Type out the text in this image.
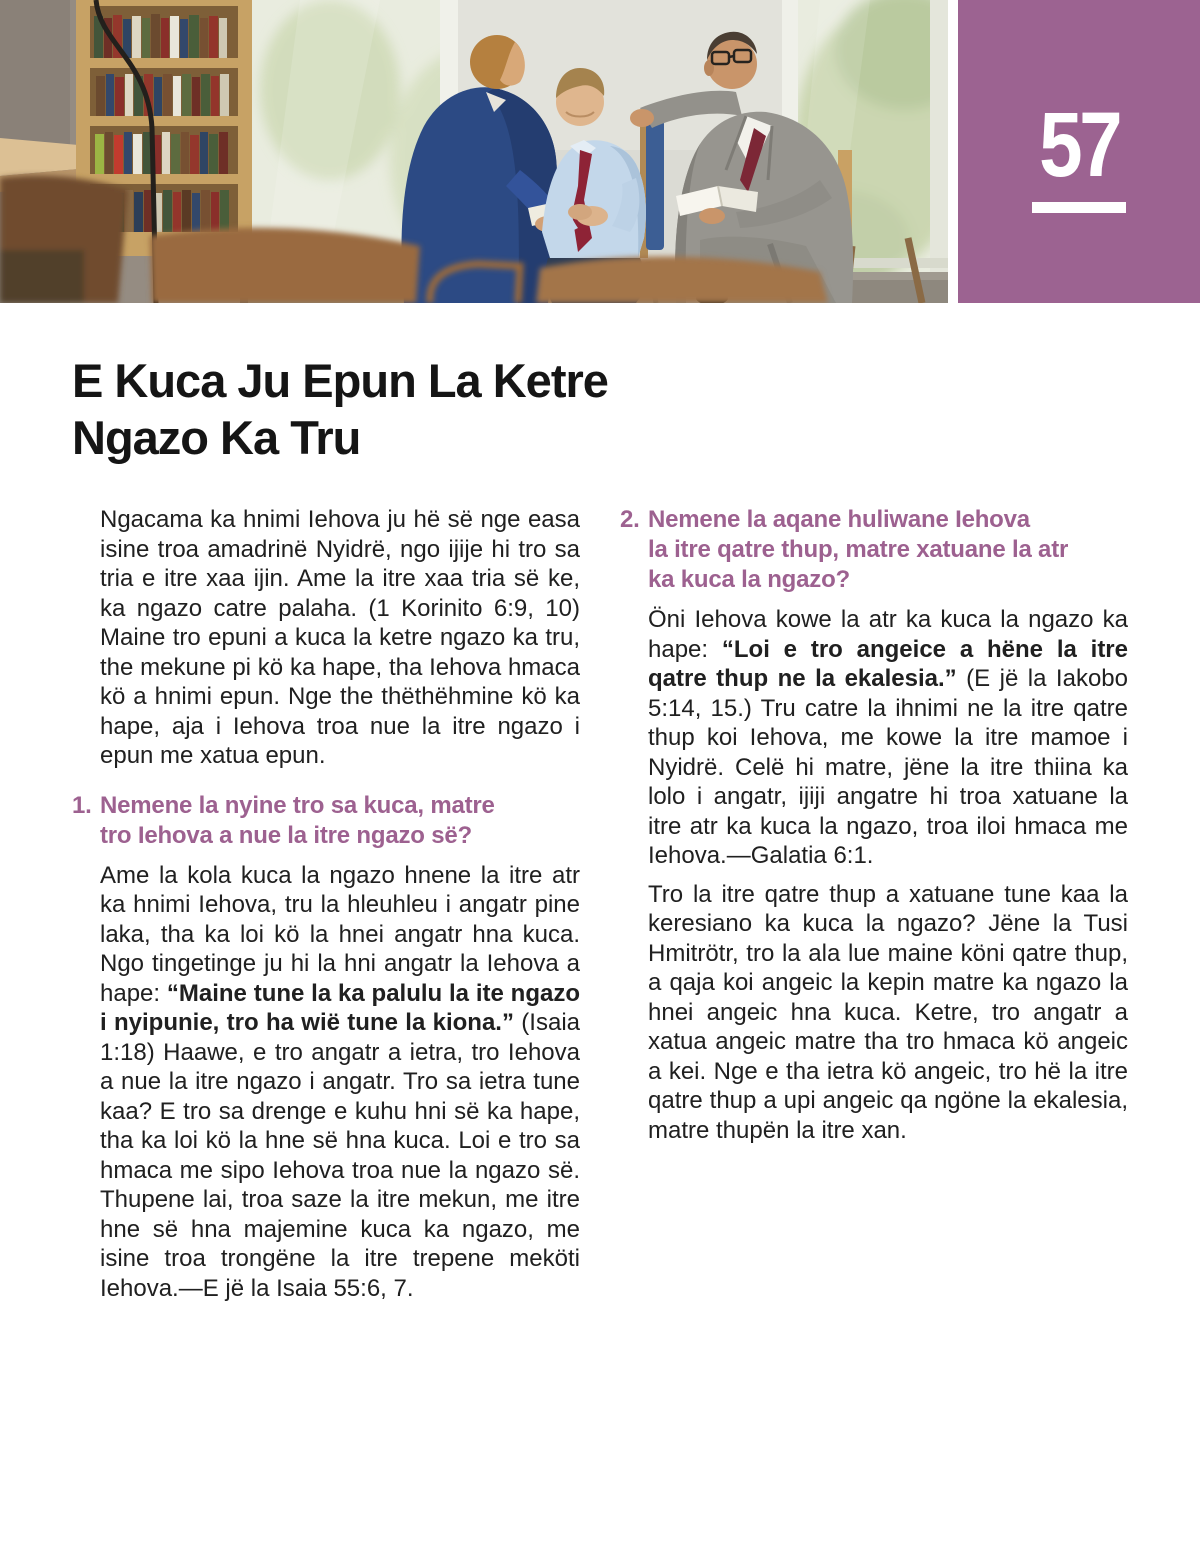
57
E Kuca Ju Epun La Ketre
Ngazo Ka Tru

Ngacama ka hnimi Iehova ju hë së nge easa isine troa amadrinë Nyidrë, ngo ijije hi tro sa tria e itre xaa ijin. Ame la itre xaa tria së ke, ka ngazo catre palaha. (1 Korinito 6:9, 10) Maine tro epuni a kuca la ketre ngazo ka tru, the mekune pi kö ka hape, tha Iehova hmaca kö a hnimi epun. Nge the thëthëhmine kö ka hape, aja i Iehova troa nue la itre ngazo i epun me xatua epun.

1. Nemene la nyine tro sa kuca, matre
tro Iehova a nue la itre ngazo së?

Ame la kola kuca la ngazo hnene la itre atr ka hnimi Iehova, tru la hleuhleu i angatr pine laka, tha ka loi kö la hnei angatr hna kuca. Ngo tingetinge ju hi la hni angatr la Iehova a hape: “Maine tune la ka palulu la ite ngazo i nyipunie, tro ha wië tune la kiona.” (Isaia 1:18) Haawe, e tro angatr a ietra, tro Iehova a nue la itre ngazo i angatr. Tro sa ietra tune kaa? E tro sa drenge e kuhu hni së ka hape, tha ka loi kö la hne së hna kuca. Loi e tro sa hmaca me sipo Iehova troa nue la ngazo së. Thupene lai, troa saze la itre mekun, me itre hne së hna majemine kuca ka ngazo, me isine troa trongëne la itre trepene meköti Iehova.—E jë la Isaia 55:6, 7.

2. Nemene la aqane huliwane Iehova
la itre qatre thup, matre xatuane la atr
ka kuca la ngazo?

Öni Iehova kowe la atr ka kuca la ngazo ka hape: “Loi e tro angeice a hëne la itre qatre thup ne la ekalesia.” (E jë la Iakobo 5:14, 15.) Tru catre la ihnimi ne la itre qatre thup koi Iehova, me kowe la itre mamoe i Nyidrë. Celë hi matre, jëne la itre thiina ka lolo i angatr, ijiji angatre hi troa xatuane la itre atr ka kuca la ngazo, troa iloi hmaca me Iehova.—Galatia 6:1.

Tro la itre qatre thup a xatuane tune kaa la keresiano ka kuca la ngazo? Jëne la Tusi Hmitrötr, tro la ala lue maine köni qatre thup, a qaja koi angeic la kepin matre ka ngazo la hnei angeic hna kuca. Ketre, tro angatr a xatua angeic matre tha tro hmaca kö angeic a kei. Nge e tha ietra kö angeic, tro hë la itre qatre thup a upi angeic qa ngöne la ekalesia, matre thupën la itre xan.
